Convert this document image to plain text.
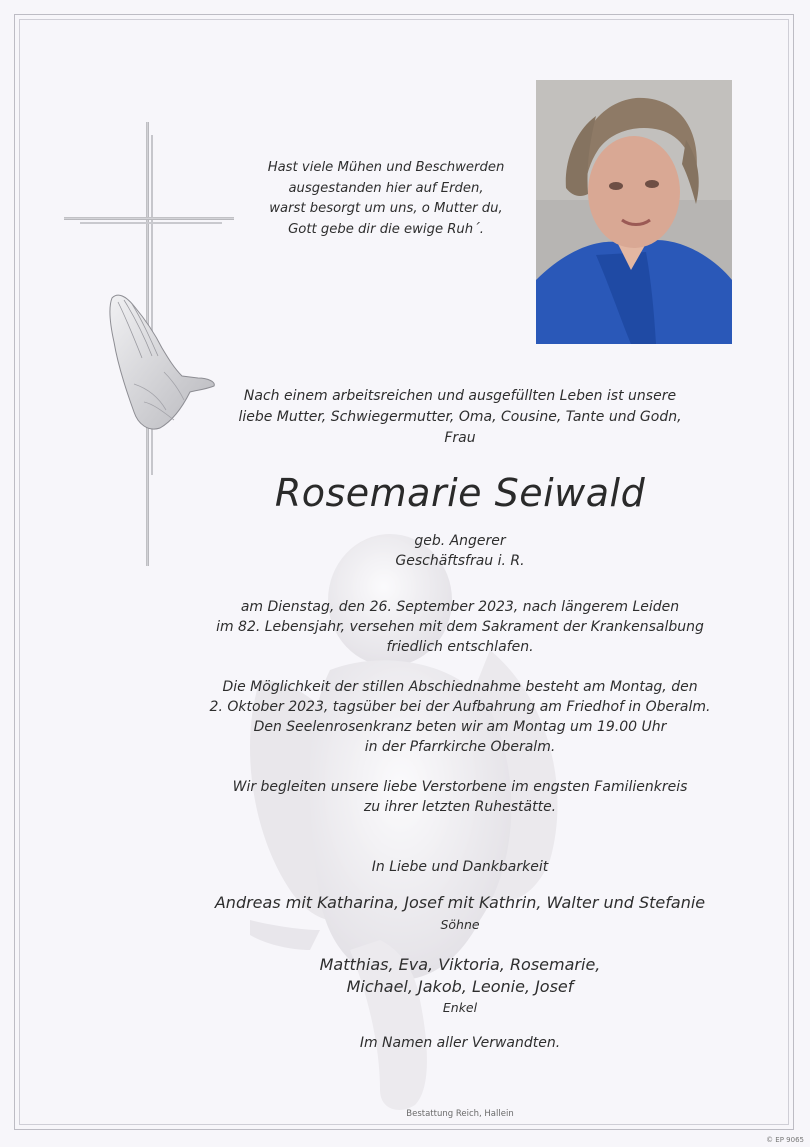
Hast viele Mühen und Beschwerden
ausgestanden hier auf Erden,
warst besorgt um uns, o Mutter du,
Gott gebe dir die ewige Ruh´.
Nach einem arbeitsreichen und ausgefüllten Leben ist unsere
liebe Mutter, Schwiegermutter, Oma, Cousine, Tante und Godn,
Frau
Rosemarie Seiwald
geb. Angerer
Geschäftsfrau i. R.
am Dienstag, den 26. September 2023, nach längerem Leiden
im 82. Lebensjahr, versehen mit dem Sakrament der Krankensalbung
friedlich entschlafen.
Die Möglichkeit der stillen Abschiednahme besteht am Montag, den
2. Oktober 2023, tagsüber bei der Aufbahrung am Friedhof in Oberalm.
Den Seelenrosenkranz beten wir am Montag um 19.00 Uhr
in der Pfarrkirche Oberalm.
Wir begleiten unsere liebe Verstorbene im engsten Familienkreis
zu ihrer letzten Ruhestätte.
In Liebe und Dankbarkeit
Andreas mit Katharina, Josef mit Kathrin, Walter und Stefanie
Söhne
Matthias, Eva, Viktoria, Rosemarie,
Michael, Jakob, Leonie, Josef
Enkel
Im Namen aller Verwandten.
Bestattung Reich, Hallein
© EP 9065
